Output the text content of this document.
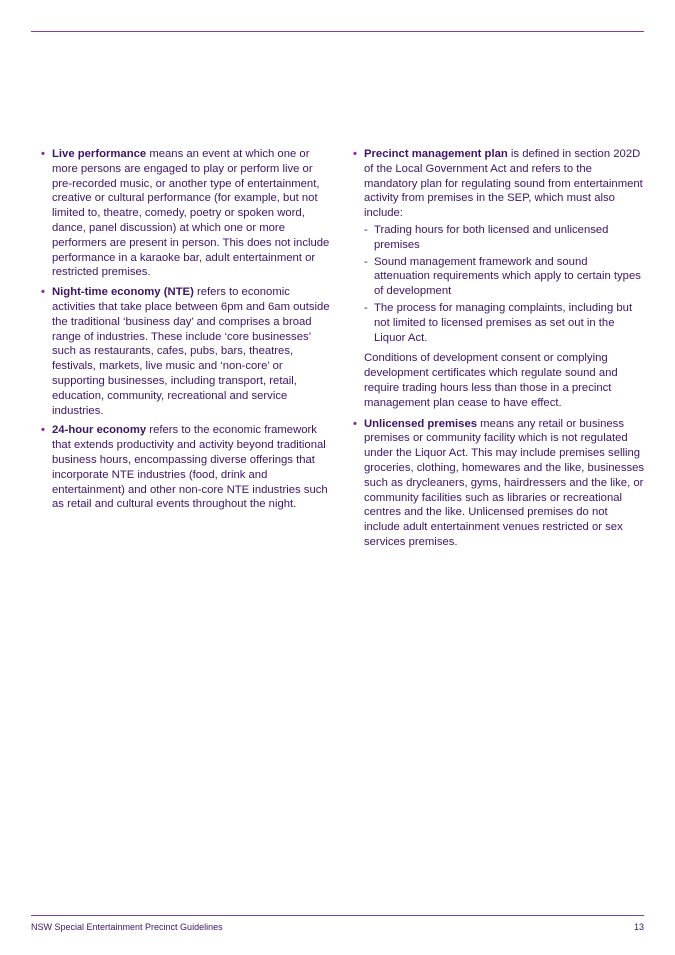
• Live performance means an event at which one or more persons are engaged to play or perform live or pre-recorded music, or another type of entertainment, creative or cultural performance (for example, but not limited to, theatre, comedy, poetry or spoken word, dance, panel discussion) at which one or more performers are present in person. This does not include performance in a karaoke bar, adult entertainment or restricted premises.
• Night-time economy (NTE) refers to economic activities that take place between 6pm and 6am outside the traditional ‘business day’ and comprises a broad range of industries. These include ‘core businesses’ such as restaurants, cafes, pubs, bars, theatres, festivals, markets, live music and ‘non-core’ or supporting businesses, including transport, retail, education, community, recreational and service industries.
• 24-hour economy refers to the economic framework that extends productivity and activity beyond traditional business hours, encompassing diverse offerings that incorporate NTE industries (food, drink and entertainment) and other non-core NTE industries such as retail and cultural events throughout the night.
• Precinct management plan is defined in section 202D of the Local Government Act and refers to the mandatory plan for regulating sound from entertainment activity from premises in the SEP, which must also include:
- Trading hours for both licensed and unlicensed premises
- Sound management framework and sound attenuation requirements which apply to certain types of development
- The process for managing complaints, including but not limited to licensed premises as set out in the Liquor Act.
Conditions of development consent or complying development certificates which regulate sound and require trading hours less than those in a precinct management plan cease to have effect.
• Unlicensed premises means any retail or business premises or community facility which is not regulated under the Liquor Act. This may include premises selling groceries, clothing, homewares and the like, businesses such as drycleaners, gyms, hairdressers and the like, or community facilities such as libraries or recreational centres and the like. Unlicensed premises do not include adult entertainment venues restricted or sex services premises.
NSW Special Entertainment Precinct Guidelines	13
